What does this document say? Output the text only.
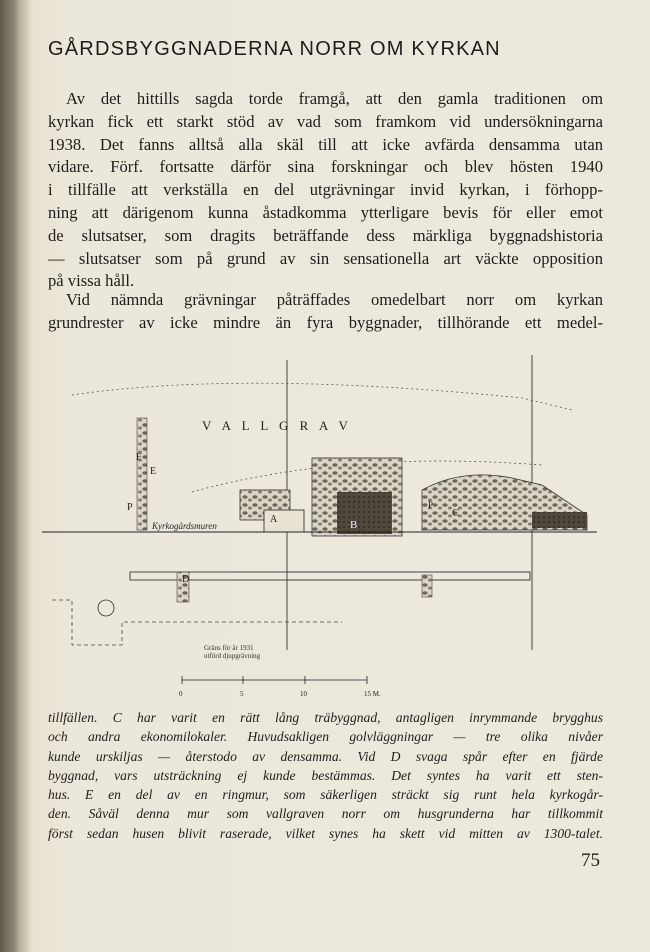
GÅRDSBYGGNADERNA NORR OM KYRKAN
Av det hittills sagda torde framgå, att den gamla traditionen om
kyrkan fick ett starkt stöd av vad som framkom vid undersökningarna
1938. Det fanns alltså alla skäl till att icke avfärda densamma utan
vidare. Förf. fortsatte därför sina forskningar och blev hösten 1940
i tillfälle att verkställa en del utgrävningar invid kyrkan, i förhopp-
ning att därigenom kunna åstadkomma ytterligare bevis för eller emot
de slutsatser, som dragits beträffande dess märkliga byggnadshistoria
— slutsatser som på grund av sin sensationella art väckte opposition
på vissa håll.
Vid nämnda grävningar påträffades omedelbart norr om kyrkan
grundrester av icke mindre än fyra byggnader, tillhörande ett medel-
V A L L G R A V
F
E
P
A	B
C
P
Kyrkogårdsmuren
D
Gräns för år 1931
utförd djupgrävning
0	5	10	15 M.
tillfällen. C har varit en rätt lång träbyggnad, antagligen inrymmande brygghus
och andra ekonomilokaler. Huvudsakligen golvläggningar — tre olika nivåer
kunde urskiljas — återstodo av densamma. Vid D svaga spår efter en fjärde
byggnad, vars utsträckning ej kunde bestämmas. Det syntes ha varit ett sten-
hus. E en del av en ringmur, som säkerligen sträckt sig runt hela kyrkogår-
den. Såväl denna mur som vallgraven norr om husgrunderna har tillkommit
först sedan husen blivit raserade, vilket synes ha skett vid mitten av 1300-talet.
75
